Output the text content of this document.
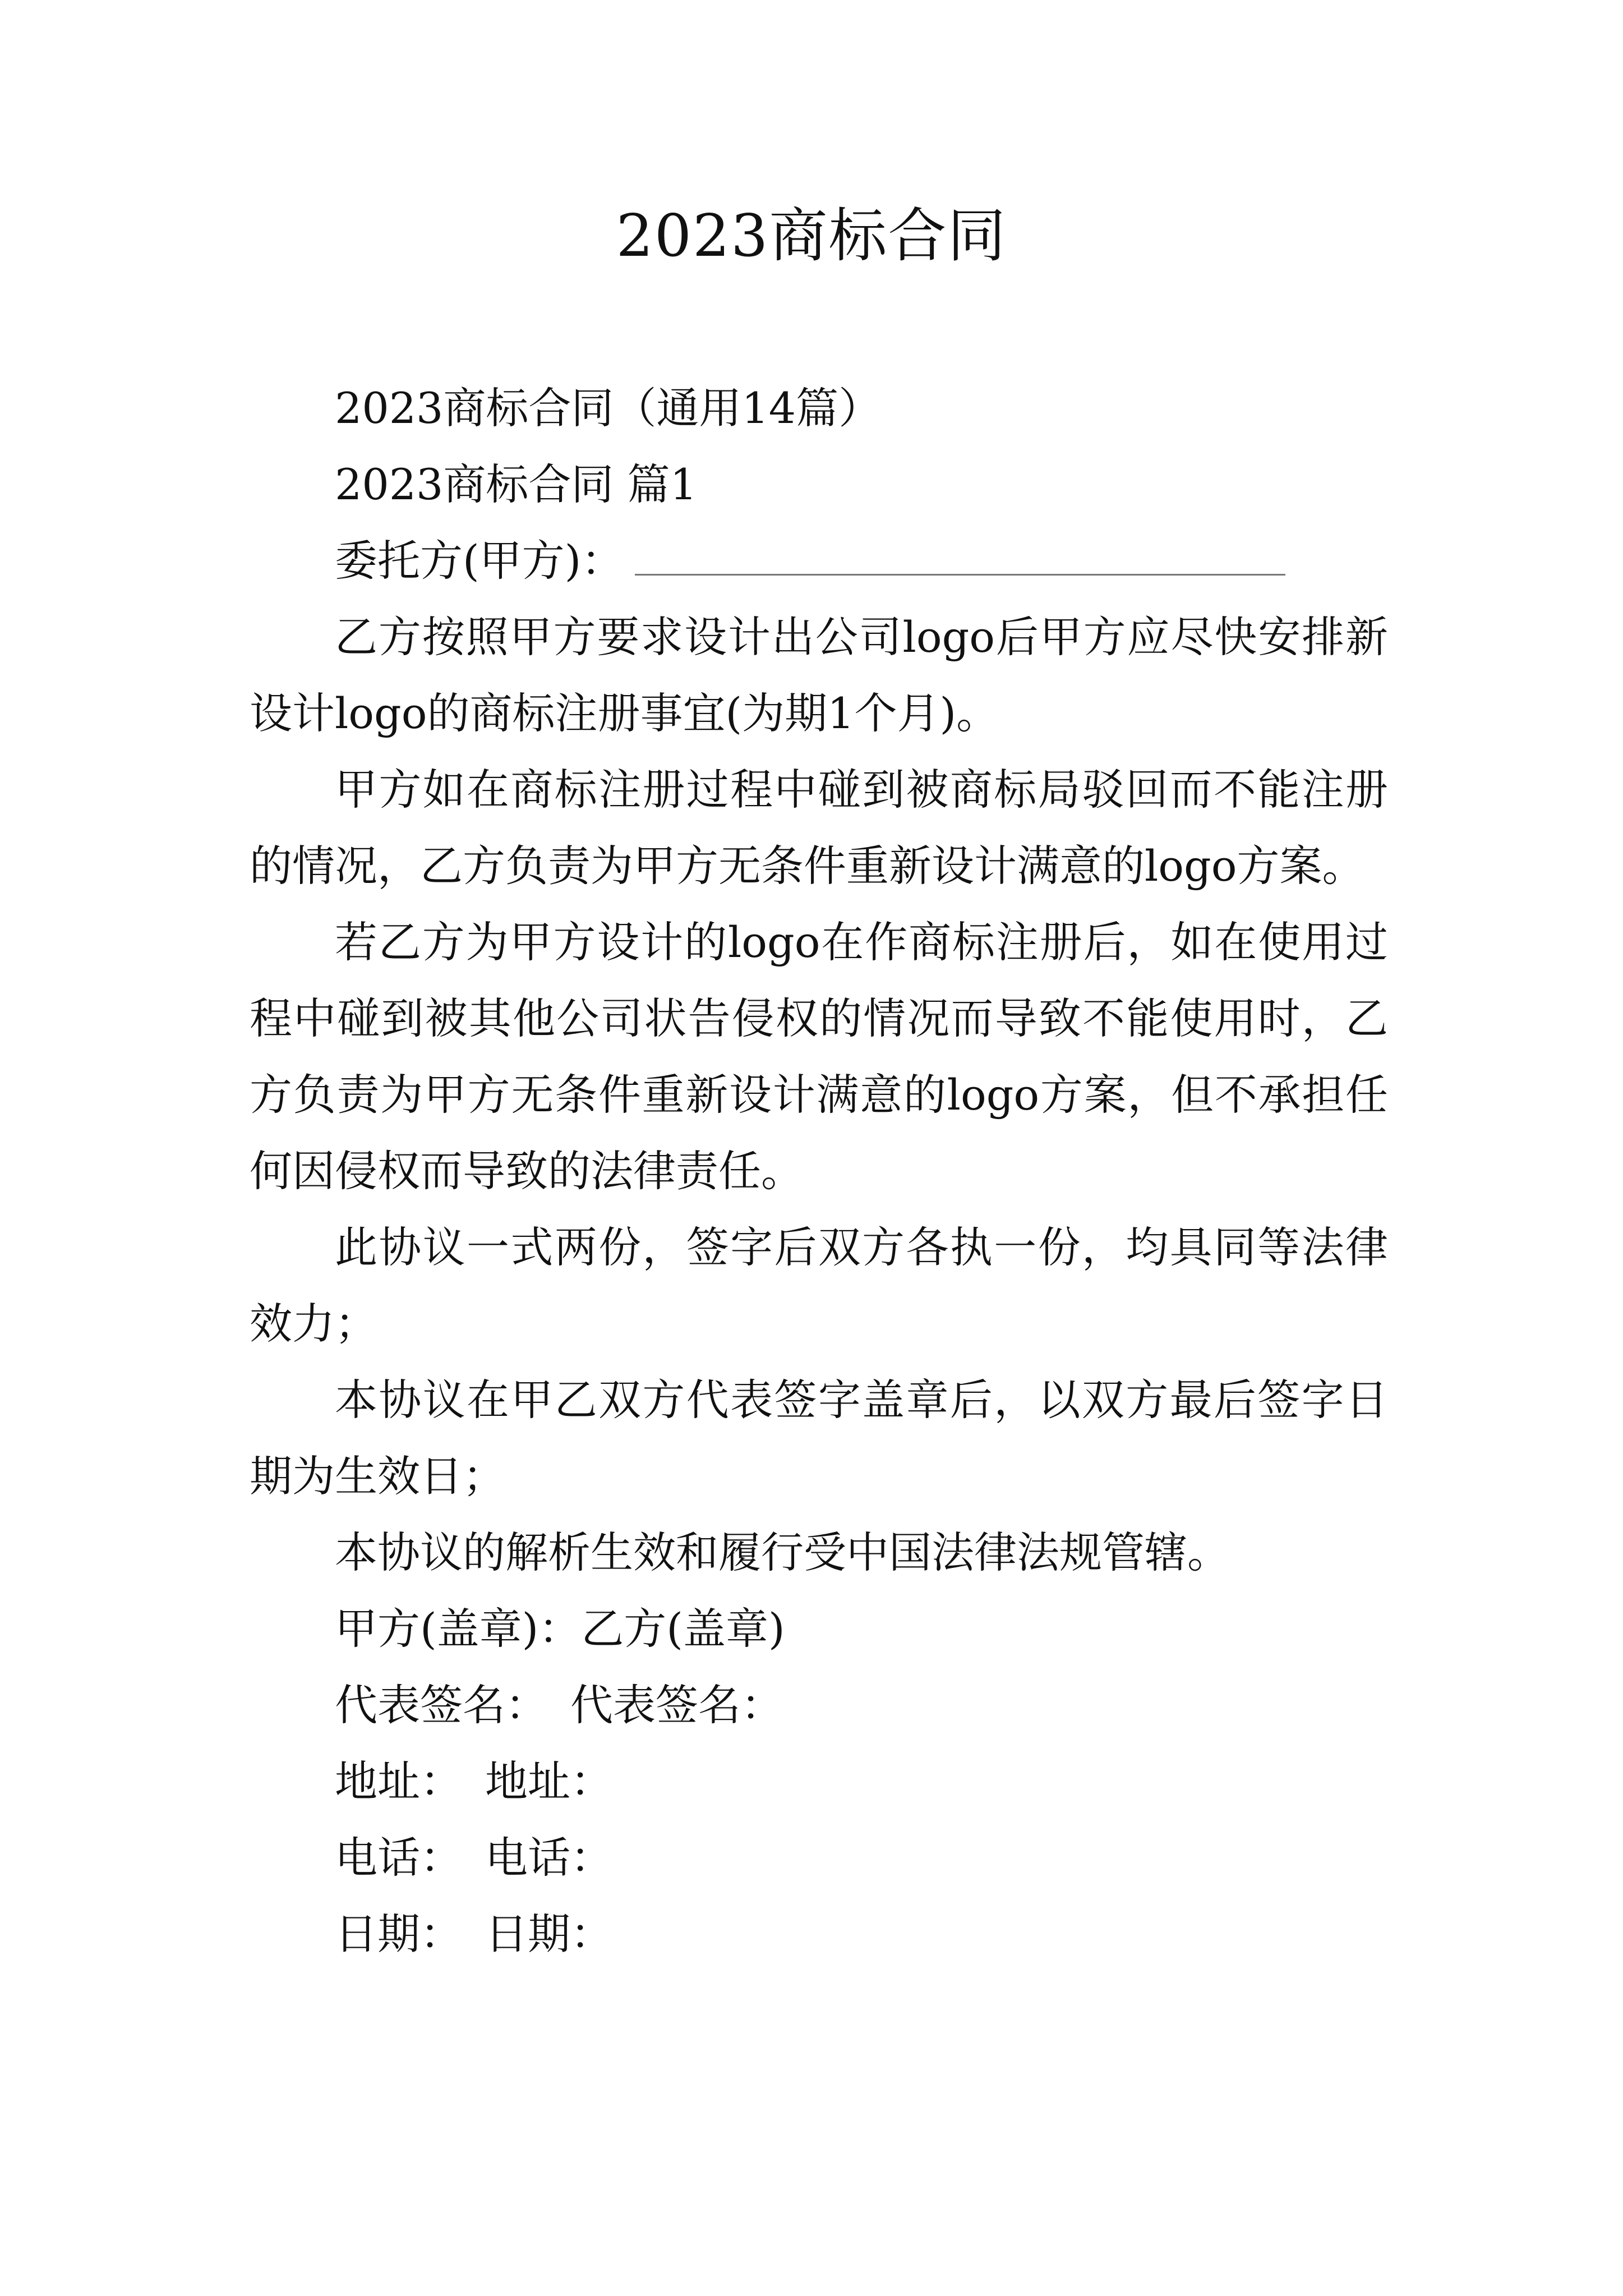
2023商标合同

2023商标合同（通用14篇）

2023商标合同 篇1

委托方(甲方)：

乙方按照甲方要求设计出公司logo后甲方应尽快安排新设计logo的商标注册事宜(为期1个月)。

甲方如在商标注册过程中碰到被商标局驳回而不能注册的情况，乙方负责为甲方无条件重新设计满意的logo方案。

若乙方为甲方设计的logo在作商标注册后，如在使用过程中碰到被其他公司状告侵权的情况而导致不能使用时，乙方负责为甲方无条件重新设计满意的logo方案，但不承担任何因侵权而导致的法律责任。

此协议一式两份，签字后双方各执一份，均具同等法律效力；

本协议在甲乙双方代表签字盖章后，以双方最后签字日期为生效日；

本协议的解析生效和履行受中国法律法规管辖。

甲方(盖章)：乙方(盖章)

代表签名： 代表签名：

地址： 地址：

电话： 电话：

日期： 日期：
